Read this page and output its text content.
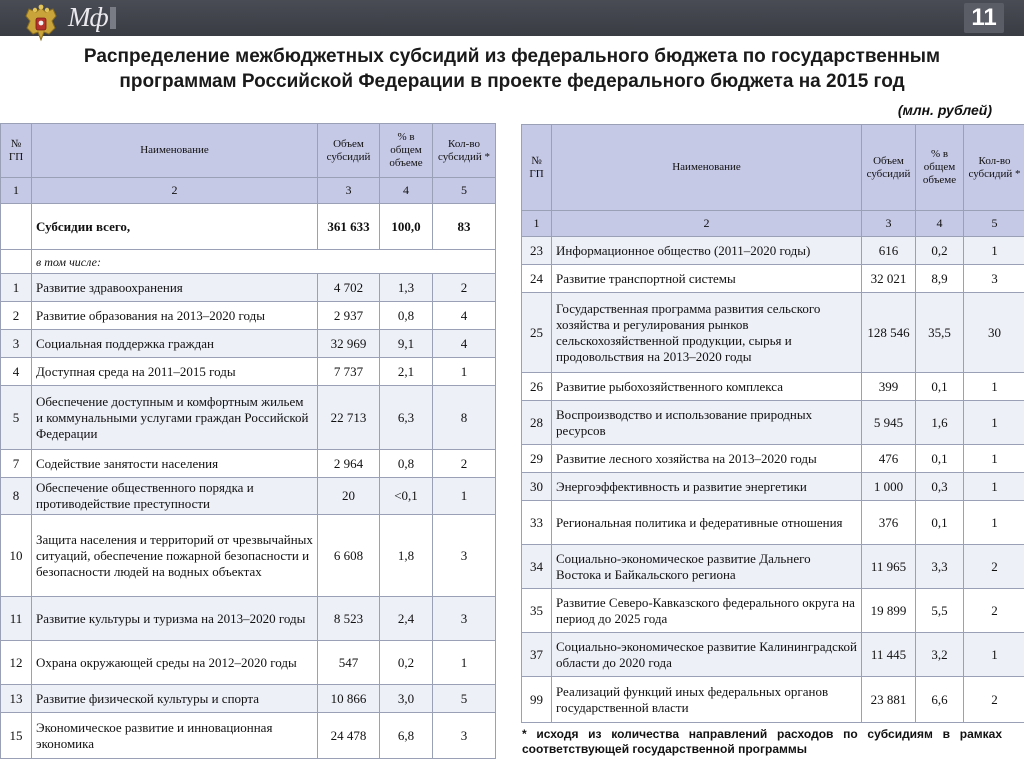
Мф	11
Распределение межбюджетных субсидий из федерального бюджета по государственным программам Российской Федерации в проекте федерального бюджета на 2015 год
(млн. рублей)
№ ГП	Наименование	Объем субсидий	% в общем объеме	Кол-во субсидий *
1	2	3	4	5
	Субсидии всего,	361 633	100,0	83
	в том числе:			
1	Развитие здравоохранения	4 702	1,3	2
2	Развитие образования на 2013–2020 годы	2 937	0,8	4
3	Социальная поддержка граждан	32 969	9,1	4
4	Доступная среда на 2011–2015 годы	7 737	2,1	1
5	Обеспечение доступным и комфортным жильем и коммунальными услугами граждан Российской Федерации	22 713	6,3	8
7	Содействие занятости населения	2 964	0,8	2
8	Обеспечение общественного порядка и противодействие преступности	20	<0,1	1
10	Защита населения и территорий от чрезвычайных ситуаций, обеспечение пожарной безопасности и безопасности людей на водных объектах	6 608	1,8	3
11	Развитие культуры и туризма на 2013–2020 годы	8 523	2,4	3
12	Охрана окружающей среды на 2012–2020 годы	547	0,2	1
13	Развитие физической культуры и спорта	10 866	3,0	5
15	Экономическое развитие и инновационная экономика	24 478	6,8	3
№ ГП	Наименование	Объем субсидий	% в общем объеме	Кол-во субсидий *
1	2	3	4	5
23	Информационное общество (2011–2020 годы)	616	0,2	1
24	Развитие транспортной системы	32 021	8,9	3
25	Государственная программа развития сельского хозяйства и регулирования рынков сельскохозяйственной продукции, сырья и продовольствия на 2013–2020 годы	128 546	35,5	30
26	Развитие рыбохозяйственного комплекса	399	0,1	1
28	Воспроизводство и использование природных ресурсов	5 945	1,6	1
29	Развитие лесного хозяйства на 2013–2020 годы	476	0,1	1
30	Энергоэффективность и развитие энергетики	1 000	0,3	1
33	Региональная политика и федеративные отношения	376	0,1	1
34	Социально-экономическое развитие Дальнего Востока и Байкальского региона	11 965	3,3	2
35	Развитие Северо-Кавказского федерального округа на период до 2025 года	19 899	5,5	2
37	Социально-экономическое развитие Калининградской области до 2020 года	11 445	3,2	1
99	Реализаций функций иных федеральных органов государственной власти	23 881	6,6	2
* исходя из количества направлений расходов по субсидиям в рамках соответствующей государственной программы
